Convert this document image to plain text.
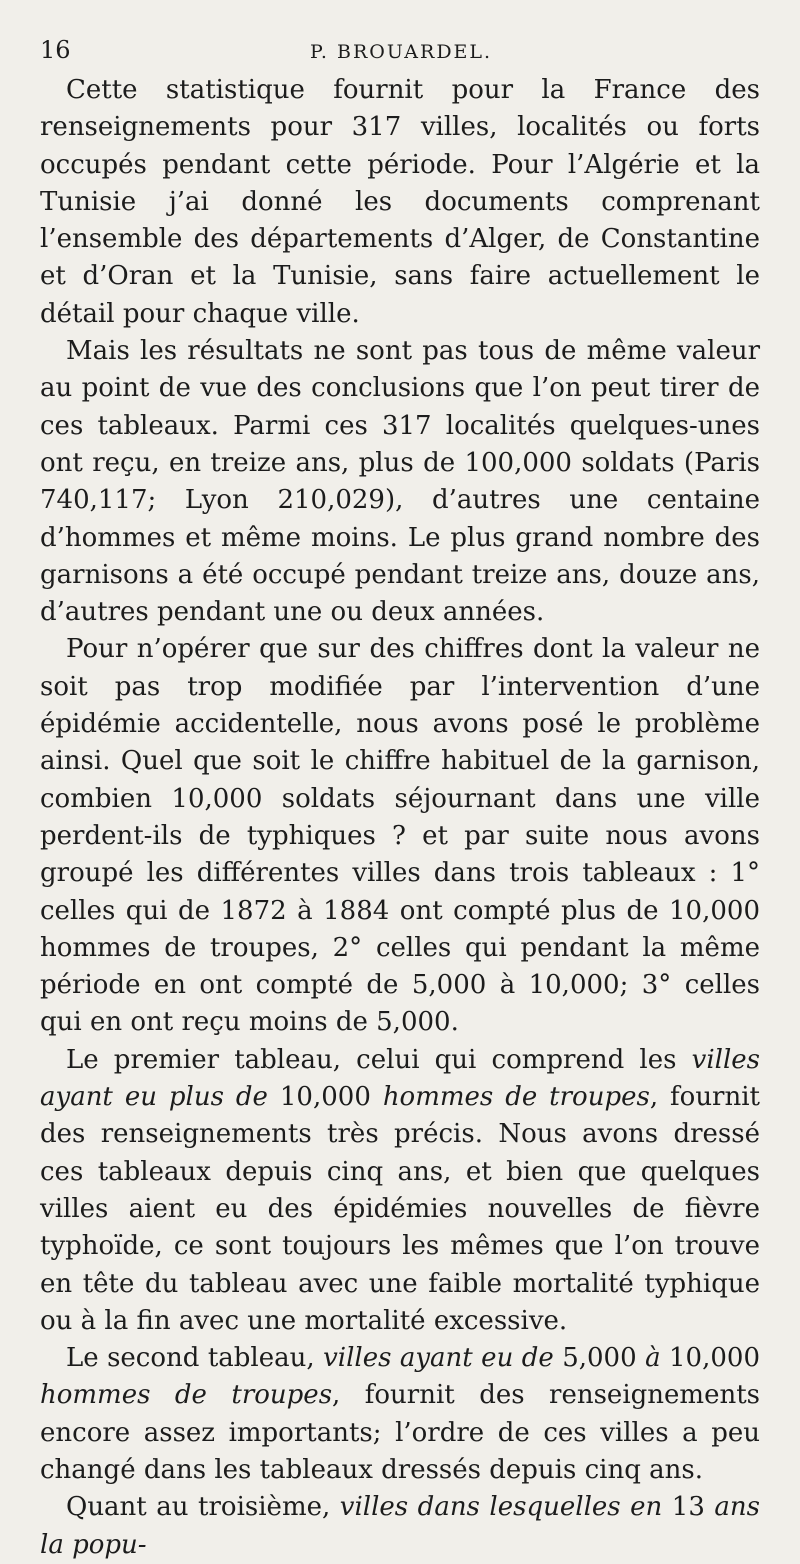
16	P. BROUARDEL.

Cette statistique fournit pour la France des renseignements pour 317 villes, localités ou forts occupés pendant cette période. Pour l’Algérie et la Tunisie j’ai donné les documents comprenant l’ensemble des départements d’Alger, de Constantine et d’Oran et la Tunisie, sans faire actuellement le détail pour chaque ville.

Mais les résultats ne sont pas tous de même valeur au point de vue des conclusions que l’on peut tirer de ces tableaux. Parmi ces 317 localités quelques-unes ont reçu, en treize ans, plus de 100,000 soldats (Paris 740,117; Lyon 210,029), d’autres une centaine d’hommes et même moins. Le plus grand nombre des garnisons a été occupé pendant treize ans, douze ans, d’autres pendant une ou deux années.

Pour n’opérer que sur des chiffres dont la valeur ne soit pas trop modifiée par l’intervention d’une épidémie accidentelle, nous avons posé le problème ainsi. Quel que soit le chiffre habituel de la garnison, combien 10,000 soldats séjournant dans une ville perdent-ils de typhiques ? et par suite nous avons groupé les différentes villes dans trois tableaux : 1° celles qui de 1872 à 1884 ont compté plus de 10,000 hommes de troupes, 2° celles qui pendant la même période en ont compté de 5,000 à 10,000; 3° celles qui en ont reçu moins de 5,000.

Le premier tableau, celui qui comprend les villes ayant eu plus de 10,000 hommes de troupes, fournit des renseignements très précis. Nous avons dressé ces tableaux depuis cinq ans, et bien que quelques villes aient eu des épidémies nouvelles de fièvre typhoïde, ce sont toujours les mêmes que l’on trouve en tête du tableau avec une faible mortalité typhique ou à la fin avec une mortalité excessive.

Le second tableau, villes ayant eu de 5,000 à 10,000 hommes de troupes, fournit des renseignements encore assez importants; l’ordre de ces villes a peu changé dans les tableaux dressés depuis cinq ans.

Quant au troisième, villes dans lesquelles en 13 ans la popu-
